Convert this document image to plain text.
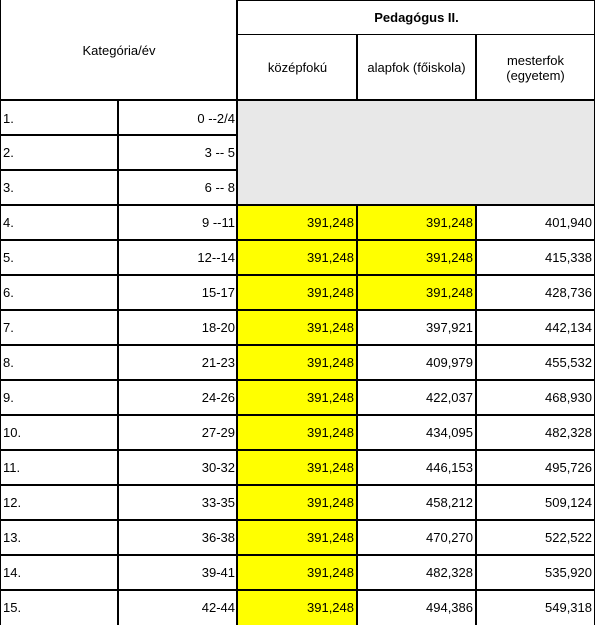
Kategória/év
Pedagógus II.
középfokú	alapfok (főiskola)	mesterfok (egyetem)
1.	0 --2/4
2.	3 -- 5
3.	6 -- 8
4.	9 --11	391,248	391,248	401,940
5.	12--14	391,248	391,248	415,338
6.	15-17	391,248	391,248	428,736
7.	18-20	391,248	397,921	442,134
8.	21-23	391,248	409,979	455,532
9.	24-26	391,248	422,037	468,930
10.	27-29	391,248	434,095	482,328
11.	30-32	391,248	446,153	495,726
12.	33-35	391,248	458,212	509,124
13.	36-38	391,248	470,270	522,522
14.	39-41	391,248	482,328	535,920
15.	42-44	391,248	494,386	549,318
